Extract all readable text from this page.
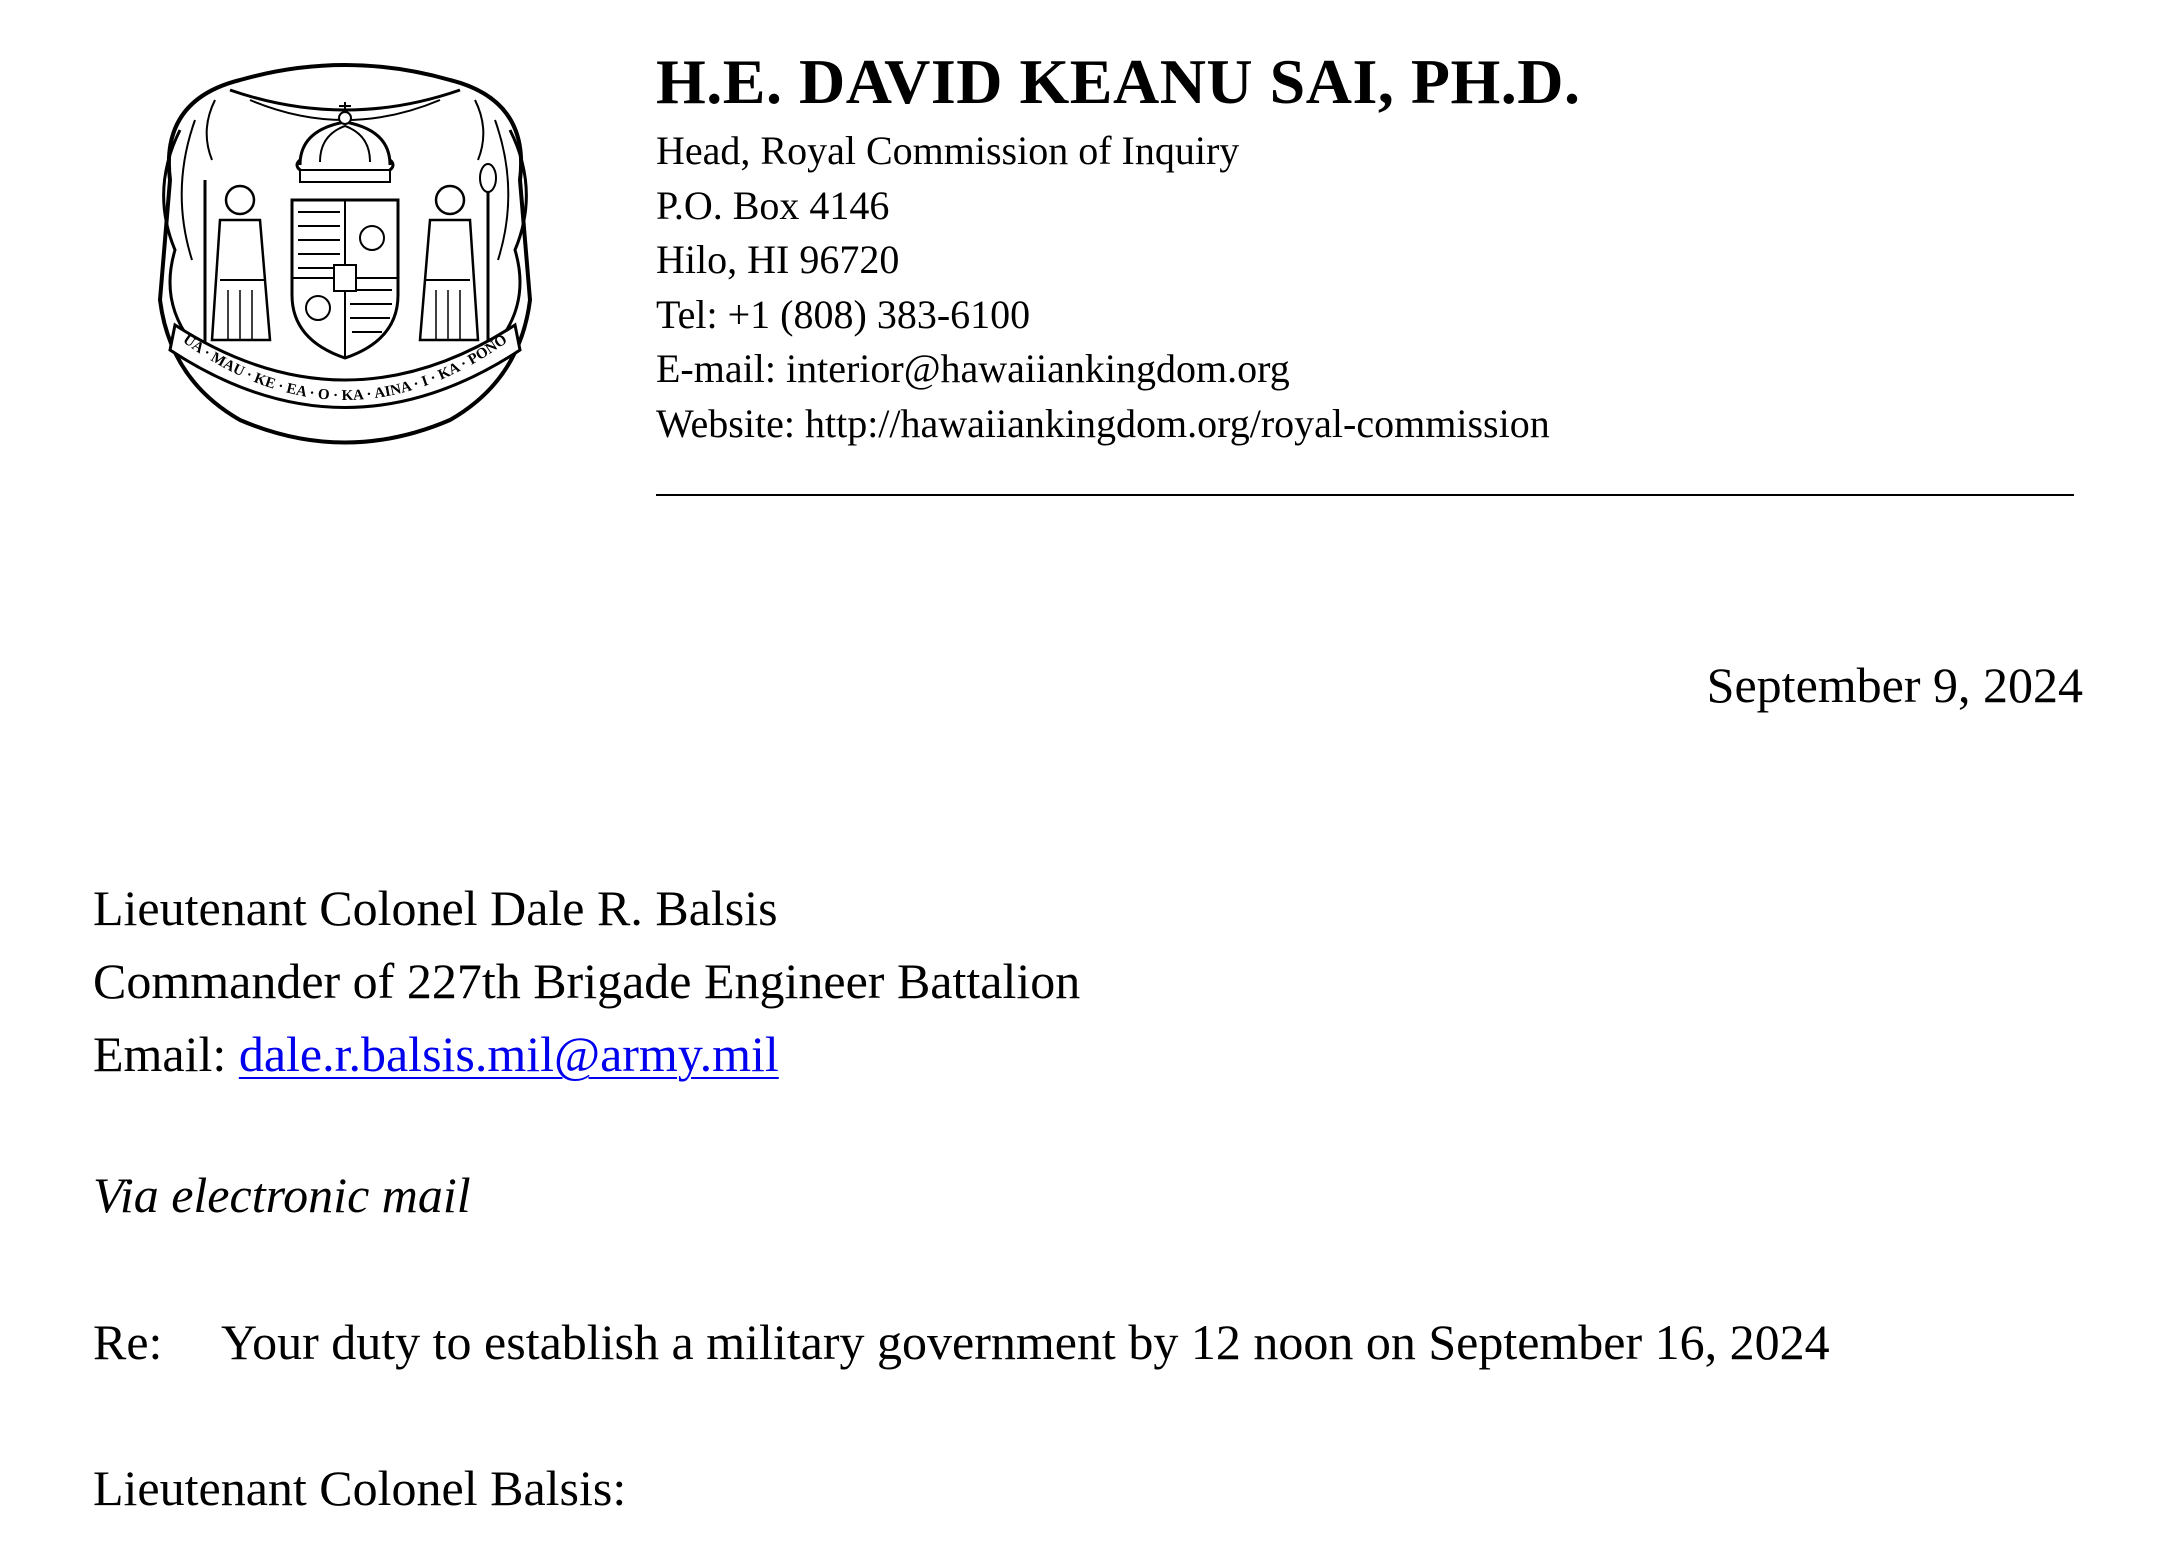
UA · MAU · KE · EA · O · KA · AINA · I · KA · PONO
H.E. DAVID KEANU SAI, PH.D.
Head, Royal Commission of Inquiry
P.O. Box 4146
Hilo, HI 96720
Tel: +1 (808) 383-6100
E-mail: interior@hawaiiankingdom.org
Website: http://hawaiiankingdom.org/royal-commission
September 9, 2024
Lieutenant Colonel Dale R. Balsis
Commander of 227th Brigade Engineer Battalion
Email: dale.r.balsis.mil@army.mil
Via electronic mail
Re: Your duty to establish a military government by 12 noon on September 16, 2024
Lieutenant Colonel Balsis:
